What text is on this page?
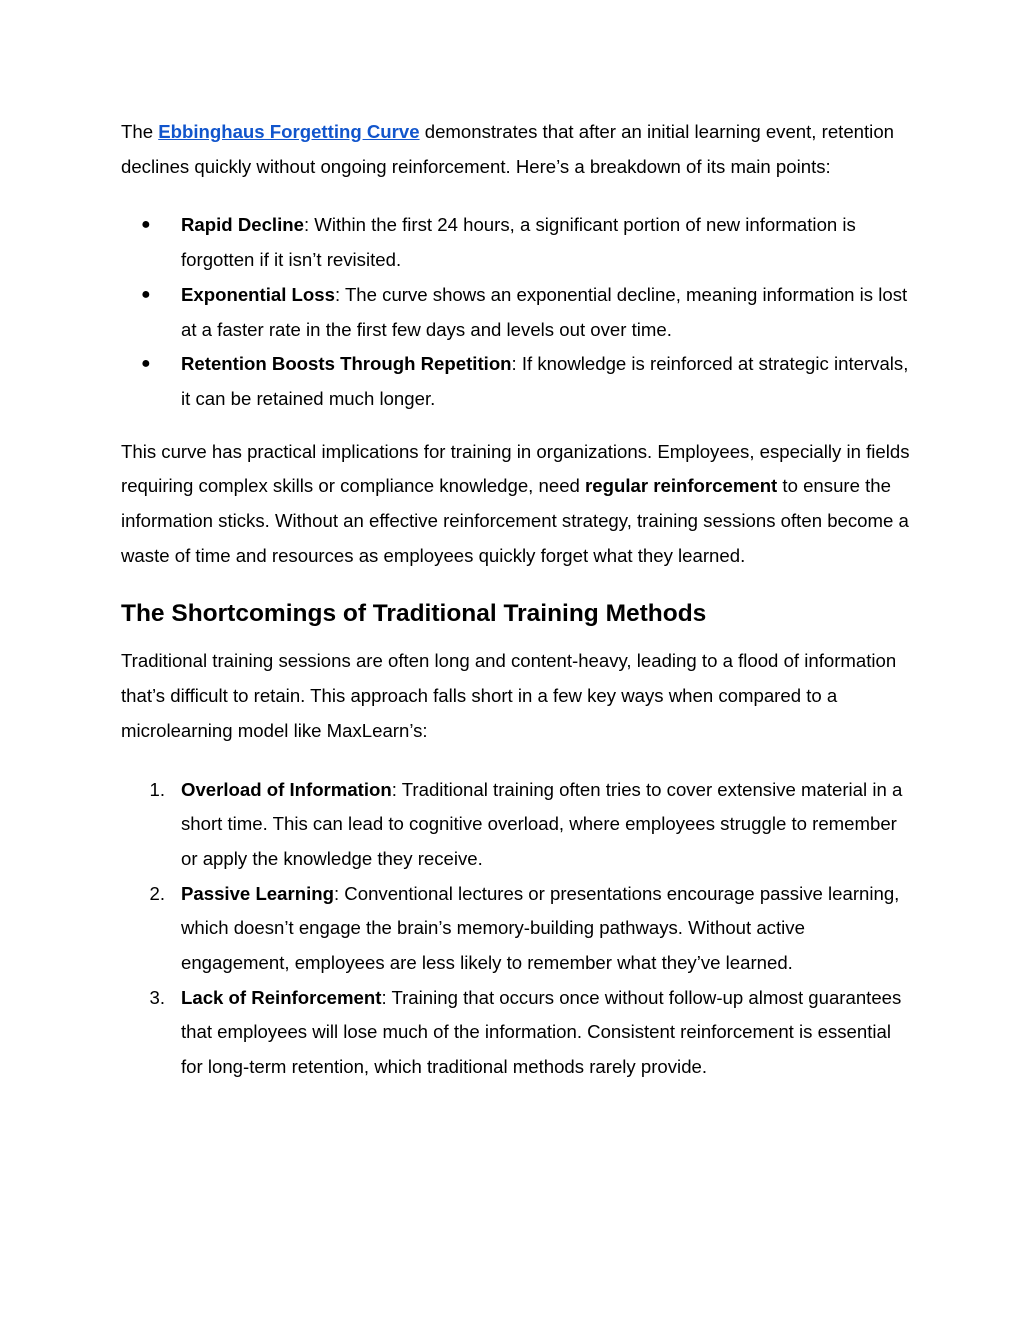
The Ebbinghaus Forgetting Curve demonstrates that after an initial learning event, retention declines quickly without ongoing reinforcement. Here’s a breakdown of its main points:

● Rapid Decline: Within the first 24 hours, a significant portion of new information is forgotten if it isn’t revisited.
● Exponential Loss: The curve shows an exponential decline, meaning information is lost at a faster rate in the first few days and levels out over time.
● Retention Boosts Through Repetition: If knowledge is reinforced at strategic intervals, it can be retained much longer.

This curve has practical implications for training in organizations. Employees, especially in fields requiring complex skills or compliance knowledge, need regular reinforcement to ensure the information sticks. Without an effective reinforcement strategy, training sessions often become a waste of time and resources as employees quickly forget what they learned.

The Shortcomings of Traditional Training Methods

Traditional training sessions are often long and content-heavy, leading to a flood of information that’s difficult to retain. This approach falls short in a few key ways when compared to a microlearning model like MaxLearn’s:

1. Overload of Information: Traditional training often tries to cover extensive material in a short time. This can lead to cognitive overload, where employees struggle to remember or apply the knowledge they receive.
2. Passive Learning: Conventional lectures or presentations encourage passive learning, which doesn’t engage the brain’s memory-building pathways. Without active engagement, employees are less likely to remember what they’ve learned.
3. Lack of Reinforcement: Training that occurs once without follow-up almost guarantees that employees will lose much of the information. Consistent reinforcement is essential for long-term retention, which traditional methods rarely provide.
